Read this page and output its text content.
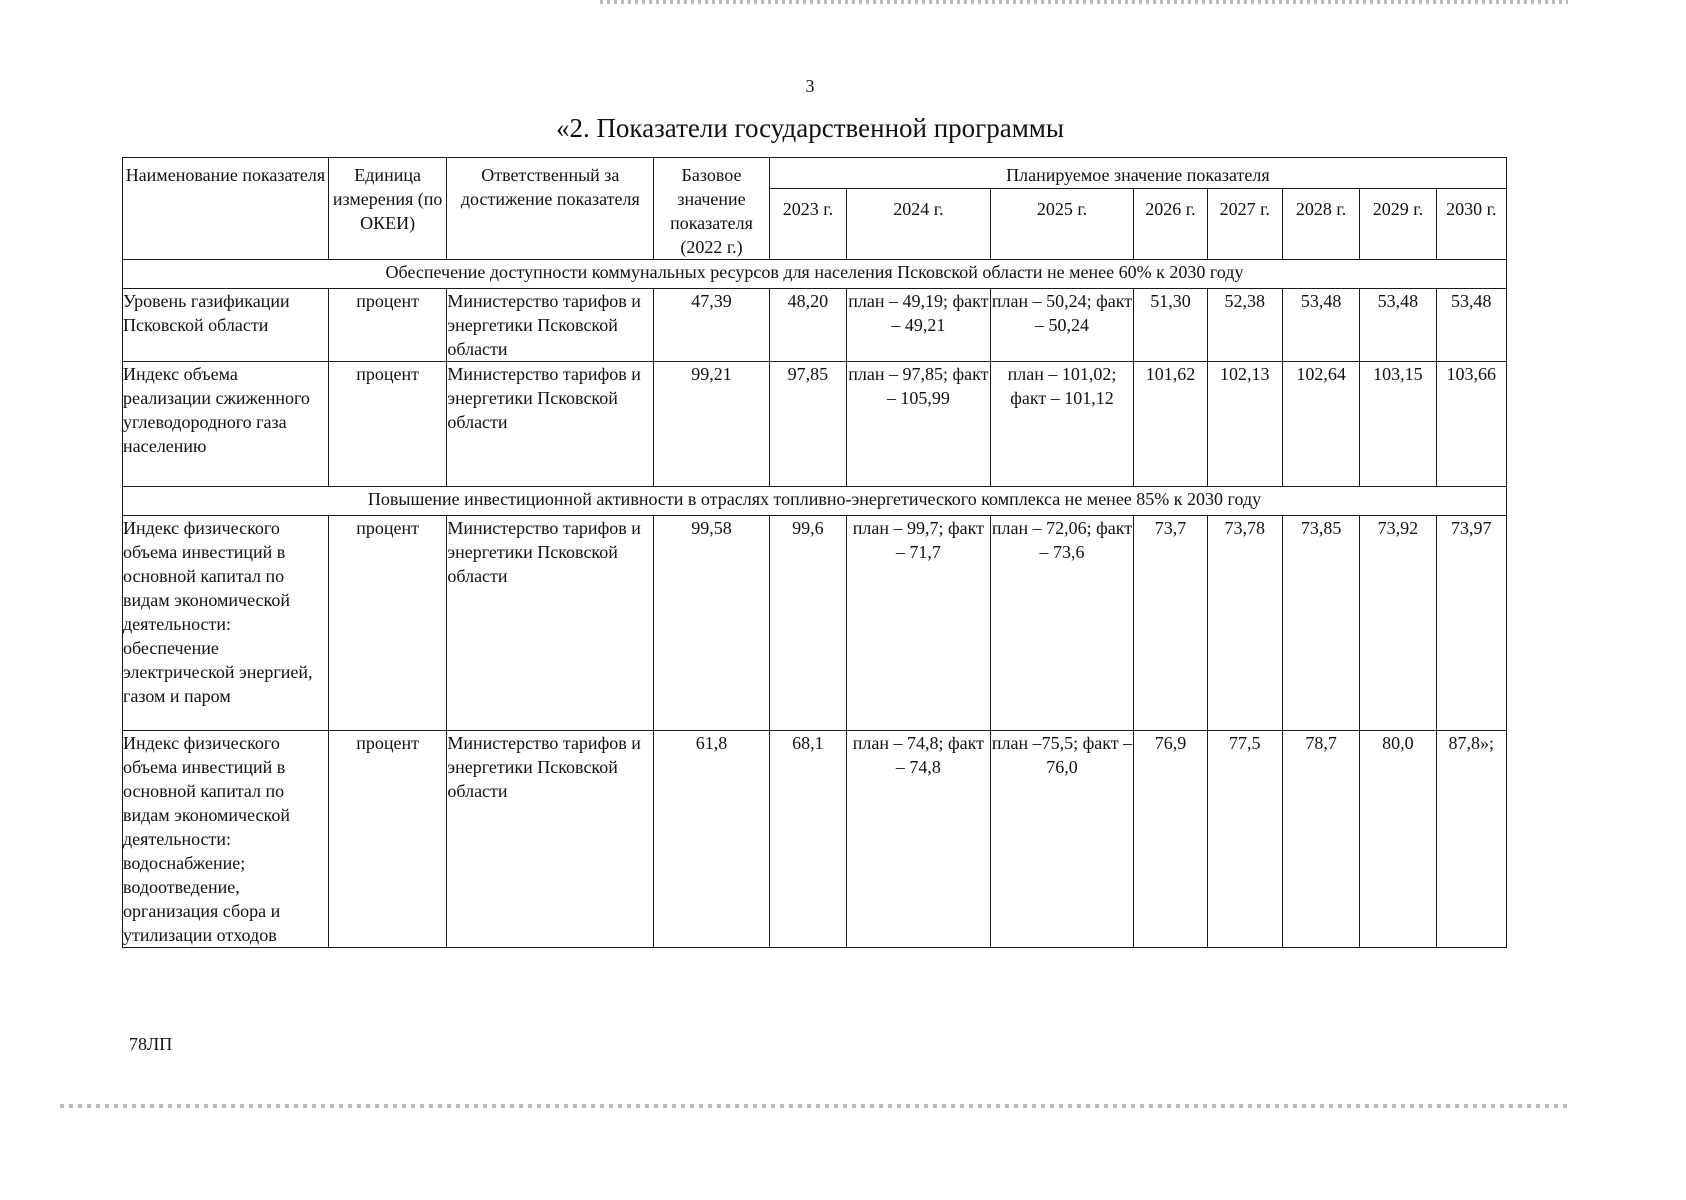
3
«2. Показатели государственной программы
Наименование показателя	Единица измерения (по ОКЕИ)	Ответственный за достижение показателя	Базовое значение показателя (2022 г.)	Планируемое значение показателя							
				2023 г.	2024 г.	2025 г.	2026 г.	2027 г.	2028 г.	2029 г.	2030 г.
Обеспечение доступности коммунальных ресурсов для населения Псковской области не менее 60% к 2030 году											
Уровень газификации Псковской области	процент	Министерство тарифов и энергетики Псковской области	47,39	48,20	план – 49,19; факт – 49,21	план – 50,24; факт – 50,24	51,30	52,38	53,48	53,48	53,48
Индекс объема реализации сжиженного углеводородного газа населению	процент	Министерство тарифов и энергетики Псковской области	99,21	97,85	план – 97,85; факт – 105,99	план – 101,02; факт – 101,12	101,62	102,13	102,64	103,15	103,66
Повышение инвестиционной активности в отраслях топливно-энергетического комплекса не менее 85% к 2030 году											
Индекс физического объема инвестиций в основной капитал по видам экономической деятельности: обеспечение электрической энергией, газом и паром	процент	Министерство тарифов и энергетики Псковской области	99,58	99,6	план – 99,7; факт – 71,7	план – 72,06; факт – 73,6	73,7	73,78	73,85	73,92	73,97
Индекс физического объема инвестиций в основной капитал по видам экономической деятельности: водоснабжение; водоотведение, организация сбора и утилизации отходов	процент	Министерство тарифов и энергетики Псковской области	61,8	68,1	план – 74,8; факт – 74,8	план –75,5; факт – 76,0	76,9	77,5	78,7	80,0	87,8»;
78ЛП
